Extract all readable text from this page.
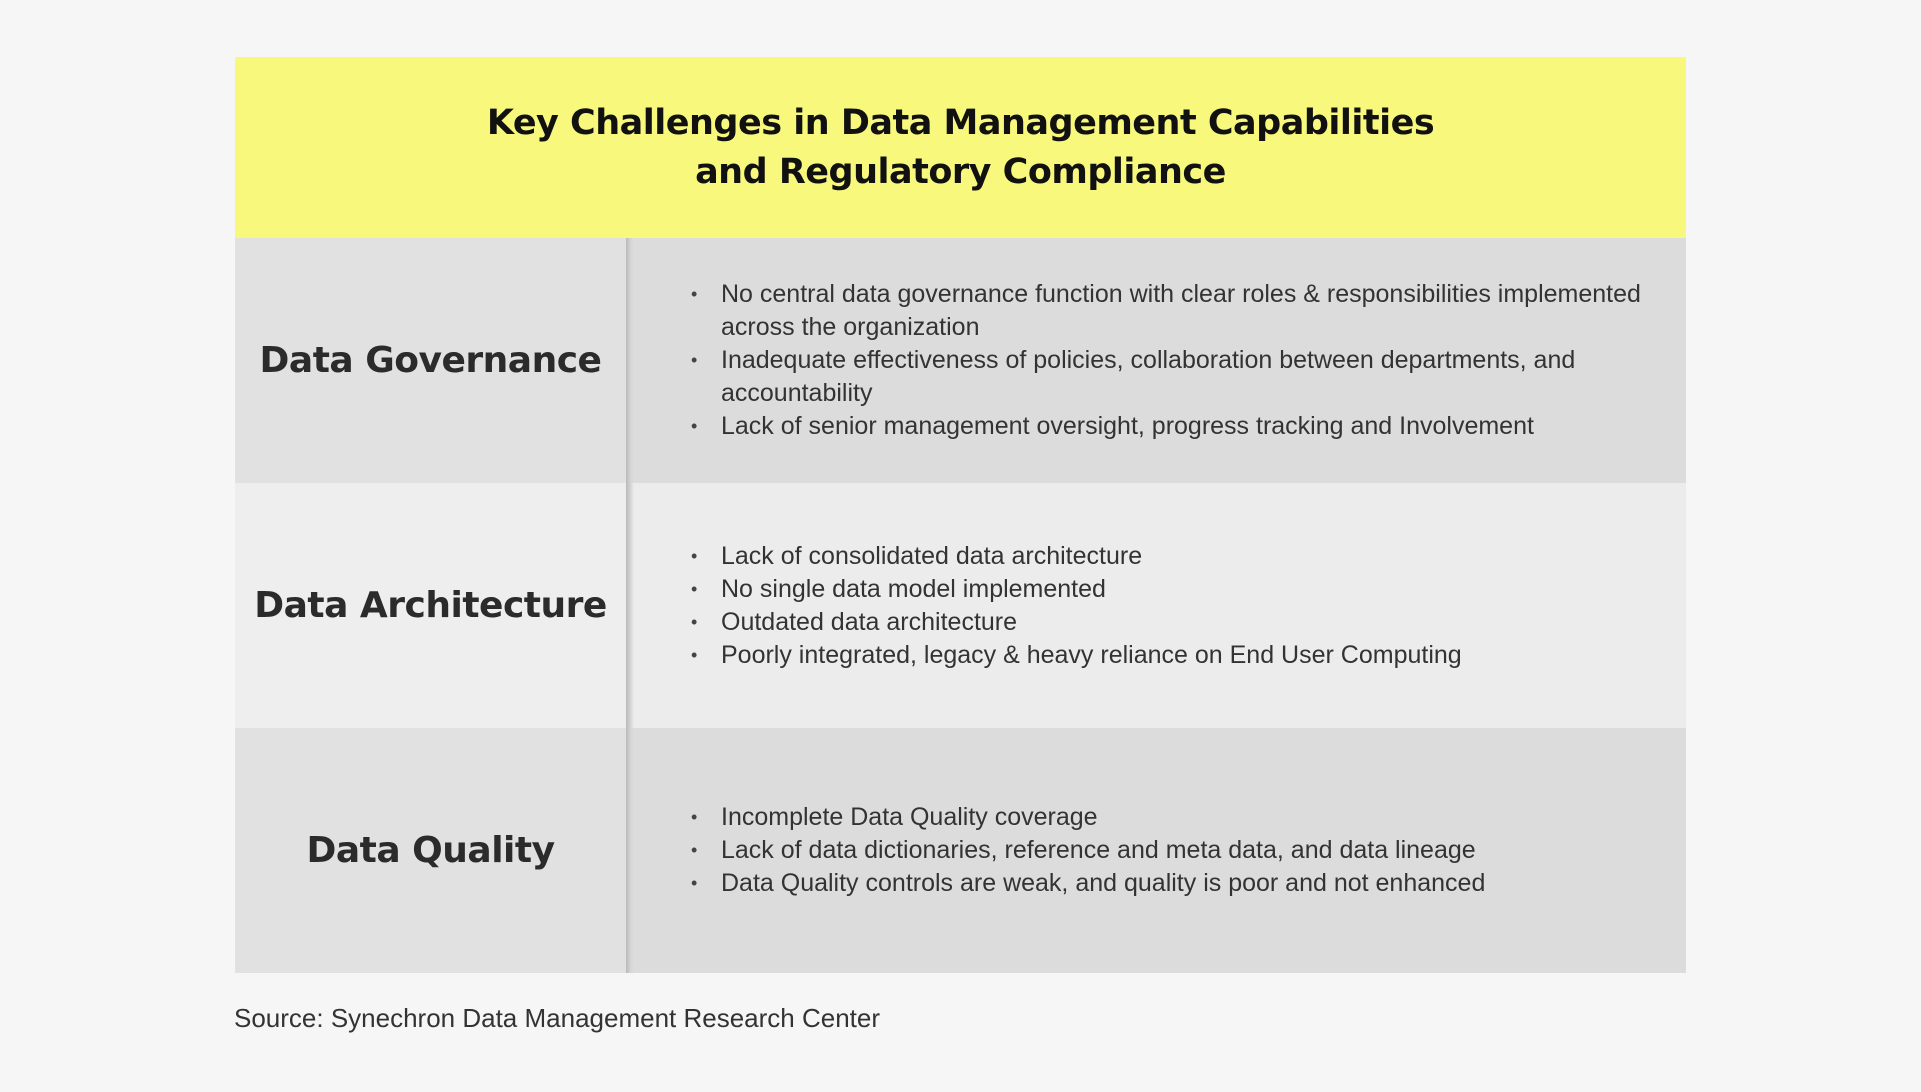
Key Challenges in Data Management Capabilities
and Regulatory Compliance
Data Governance
• No central data governance function with clear roles & responsibilities implemented across the organization
• Inadequate effectiveness of policies, collaboration between departments, and accountability
• Lack of senior management oversight, progress tracking and Involvement
Data Architecture
• Lack of consolidated data architecture
• No single data model implemented
• Outdated data architecture
• Poorly integrated, legacy & heavy reliance on End User Computing
Data Quality
• Incomplete Data Quality coverage
• Lack of data dictionaries, reference and meta data, and data lineage
• Data Quality controls are weak, and quality is poor and not enhanced
Source: Synechron Data Management Research Center
